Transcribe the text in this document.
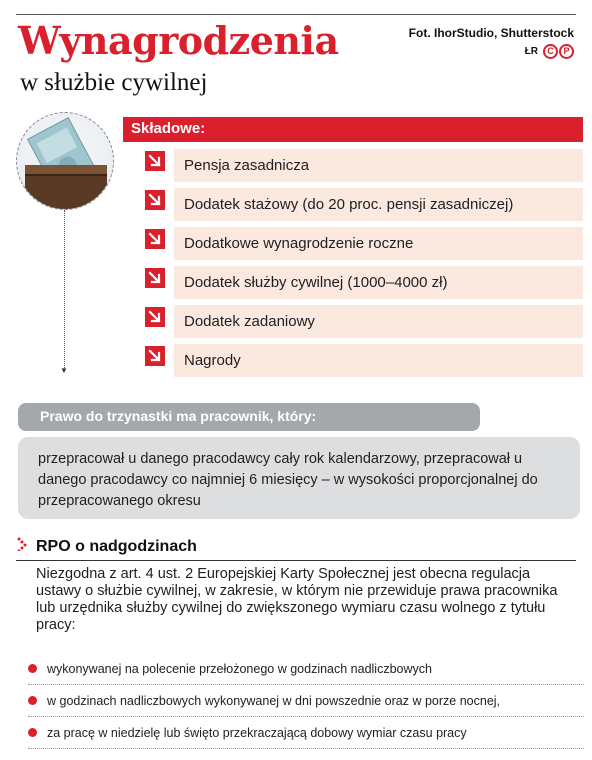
Wynagrodzenia
w służbie cywilnej
Fot. IhorStudio, Shutterstock
ŁR	C	P
▼
Składowe:
Pensja zasadnicza
Dodatek stażowy (do 20 proc. pensji zasadniczej)
Dodatkowe wynagrodzenie roczne
Dodatek służby cywilnej (1000–4000 zł)
Dodatek zadaniowy
Nagrody
Prawo do trzynastki ma pracownik, który:
przepracował u danego pracodawcy cały rok kalendarzowy, przepracował u danego pracodawcy co najmniej 6 miesięcy – w wysokości proporcjonalnej do przepracowanego okresu
RPO o nadgodzinach
Niezgodna z art. 4 ust. 2 Europejskiej Karty Społecznej jest obecna regulacja ustawy o służbie cywilnej, w zakresie, w którym nie przewiduje prawa pracownika lub urzędnika służby cywilnej do zwiększonego wymiaru czasu wolnego z tytułu pracy:
wykonywanej na polecenie przełożonego w godzinach nadliczbowych
w godzinach nadliczbowych wykonywanej w dni powszednie oraz w porze nocnej,
za pracę w niedzielę lub święto przekraczającą dobowy wymiar czasu pracy
